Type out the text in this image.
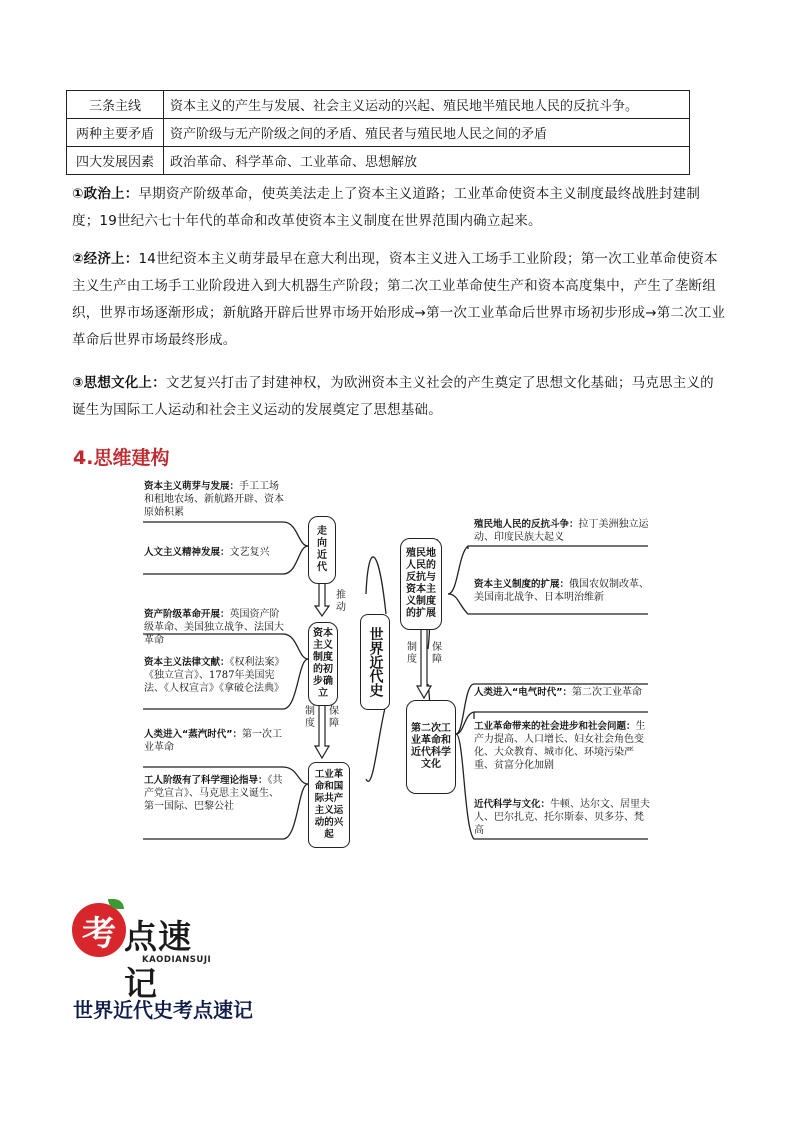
三条主线	资本主义的产生与发展、社会主义运动的兴起、殖民地半殖民地人民的反抗斗争。
两种主要矛盾	资产阶级与无产阶级之间的矛盾、殖民者与殖民地人民之间的矛盾
四大发展因素	政治革命、科学革命、工业革命、思想解放

①政治上：早期资产阶级革命，使英美法走上了资本主义道路；工业革命使资本主义制度最终战胜封建制度；19世纪六七十年代的革命和改革使资本主义制度在世界范围内确立起来。

②经济上：14世纪资本主义萌芽最早在意大利出现，资本主义进入工场手工业阶段；第一次工业革命使资本主义生产由工场手工业阶段进入到大机器生产阶段；第二次工业革命使生产和资本高度集中，产生了垄断组织，世界市场逐渐形成；新航路开辟后世界市场开始形成→第一次工业革命后世界市场初步形成→第二次工业革命后世界市场最终形成。

③思想文化上：文艺复兴打击了封建神权，为欧洲资本主义社会的产生奠定了思想文化基础；马克思主义的诞生为国际工人运动和社会主义运动的发展奠定了思想基础。

4.思维建构
世界近代史
走向近代
资本主义制度的初步确立
工业革命和国际共产主义运动的兴起
殖民地人民的反抗与资本主义制度的扩展
第二次工业革命和近代科学文化
推动
制度
保障
制度
保障
资本主义萌芽与发展：手工工场和租地农场、新航路开辟、资本原始积累
人文主义精神发展：文艺复兴
资产阶级革命开展：英国资产阶级革命、美国独立战争、法国大革命
资本主义法律文献：《权利法案》《独立宣言》、1787年美国宪法、《人权宣言》《拿破仑法典》
人类进入“蒸汽时代”：第一次工业革命
工人阶级有了科学理论指导：《共产党宣言》、马克思主义诞生、第一国际、巴黎公社
殖民地人民的反抗斗争：拉丁美洲独立运动、印度民族大起义
资本主义制度的扩展：俄国农奴制改革、美国南北战争、日本明治维新
人类进入“电气时代”：第二次工业革命
工业革命带来的社会进步和社会问题：生产力提高、人口增长、妇女社会角色变化、大众教育、城市化、环境污染严重、贫富分化加剧
近代科学与文化：牛顿、达尔文、居里夫人、巴尔扎克、托尔斯泰、贝多芬、梵高
考 点速记
KAODIANSUJI
世界近代史考点速记
